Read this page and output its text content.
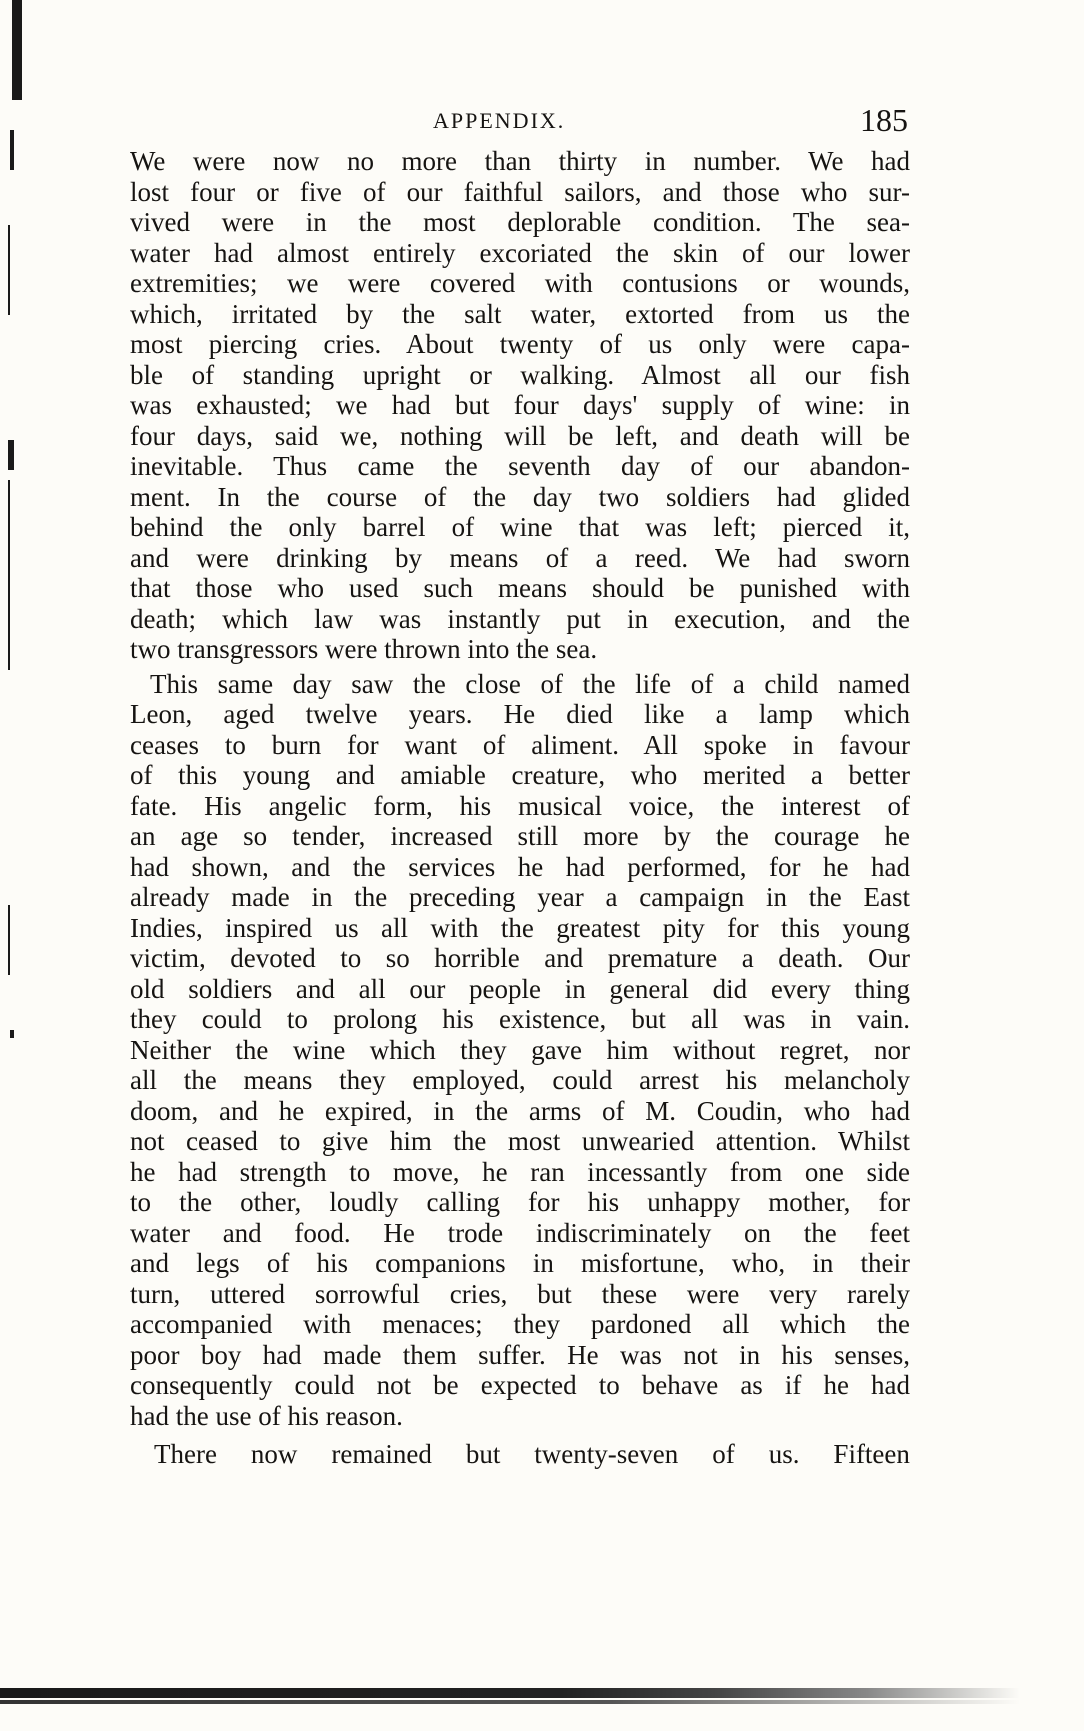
APPENDIX.	185
We were now no more than thirty in number. We had
lost four or five of our faithful sailors, and those who sur-
vived were in the most deplorable condition. The sea-
water had almost entirely excoriated the skin of our lower
extremities; we were covered with contusions or wounds,
which, irritated by the salt water, extorted from us the
most piercing cries. About twenty of us only were capa-
ble of standing upright or walking. Almost all our fish
was exhausted; we had but four days' supply of wine: in
four days, said we, nothing will be left, and death will be
inevitable. Thus came the seventh day of our abandon-
ment. In the course of the day two soldiers had glided
behind the only barrel of wine that was left; pierced it,
and were drinking by means of a reed. We had sworn
that those who used such means should be punished with
death; which law was instantly put in execution, and the
two transgressors were thrown into the sea.
This same day saw the close of the life of a child named
Leon, aged twelve years. He died like a lamp which
ceases to burn for want of aliment. All spoke in favour
of this young and amiable creature, who merited a better
fate. His angelic form, his musical voice, the interest of
an age so tender, increased still more by the courage he
had shown, and the services he had performed, for he had
already made in the preceding year a campaign in the East
Indies, inspired us all with the greatest pity for this young
victim, devoted to so horrible and premature a death. Our
old soldiers and all our people in general did every thing
they could to prolong his existence, but all was in vain.
Neither the wine which they gave him without regret, nor
all the means they employed, could arrest his melancholy
doom, and he expired, in the arms of M. Coudin, who had
not ceased to give him the most unwearied attention. Whilst
he had strength to move, he ran incessantly from one side
to the other, loudly calling for his unhappy mother, for
water and food. He trode indiscriminately on the feet
and legs of his companions in misfortune, who, in their
turn, uttered sorrowful cries, but these were very rarely
accompanied with menaces; they pardoned all which the
poor boy had made them suffer. He was not in his senses,
consequently could not be expected to behave as if he had
had the use of his reason.
There now remained but twenty-seven of us. Fifteen
